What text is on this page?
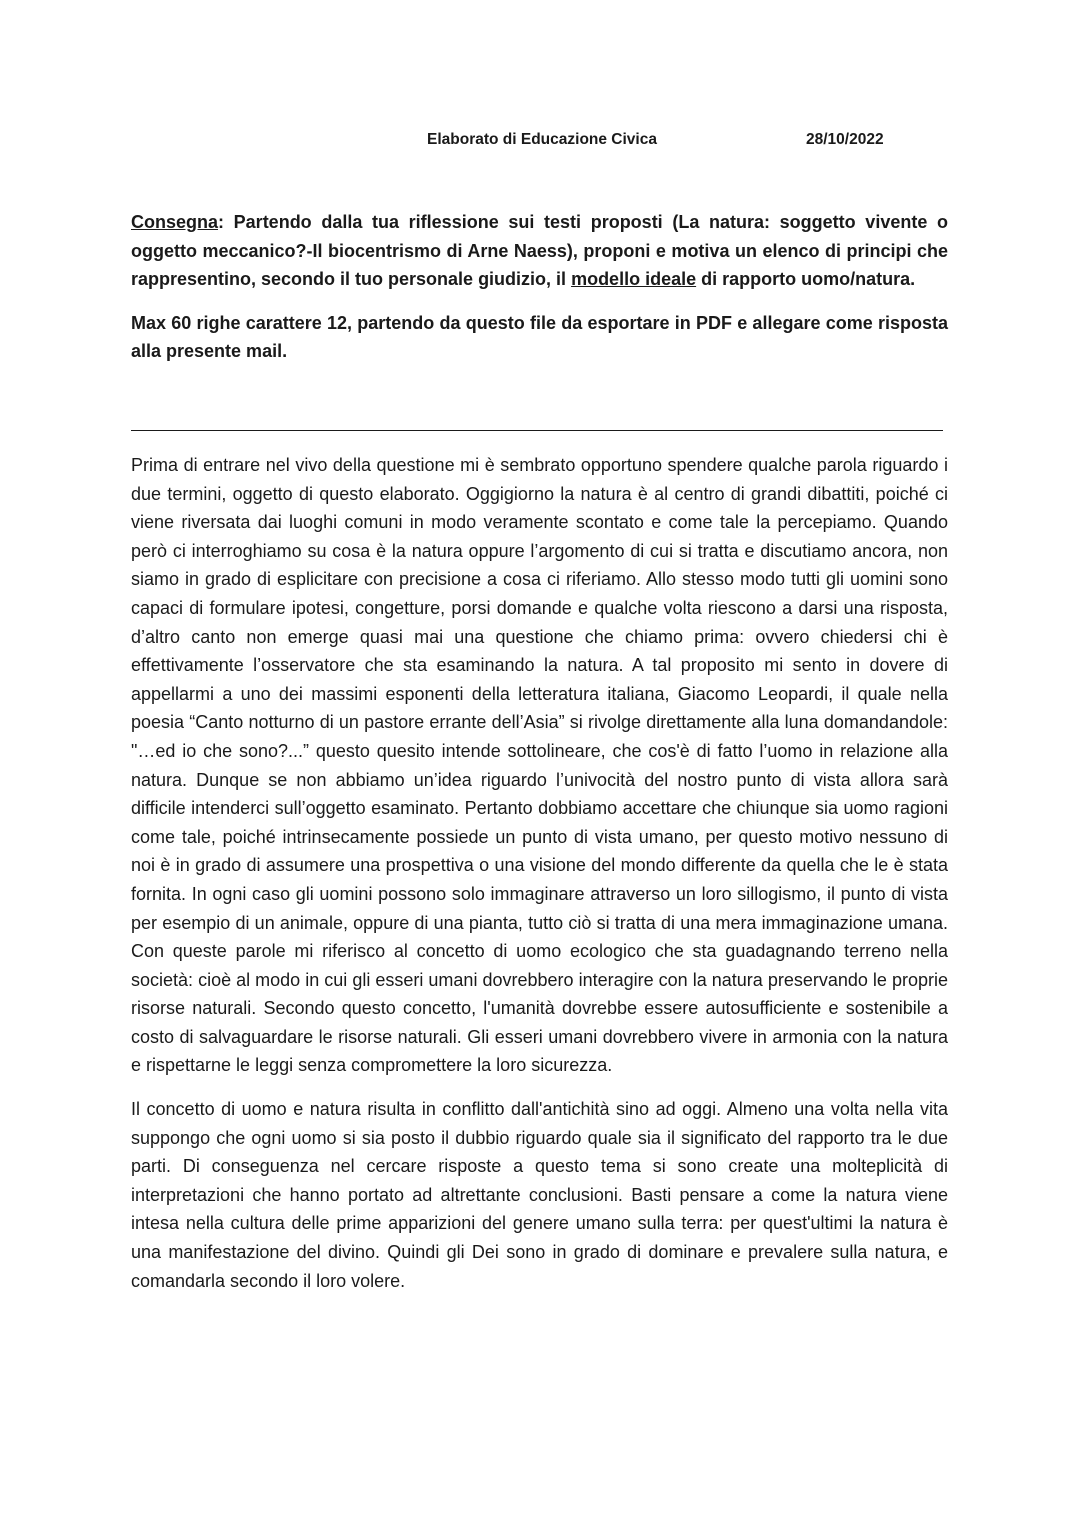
Elaborato di Educazione Civica	28/10/2022

Consegna: Partendo dalla tua riflessione sui testi proposti (La natura: soggetto vivente o oggetto meccanico?-Il biocentrismo di Arne Naess), proponi e motiva un elenco di principi che rappresentino, secondo il tuo personale giudizio, il modello ideale di rapporto uomo/natura.

Max 60 righe carattere 12, partendo da questo file da esportare in PDF e allegare come risposta alla presente mail.

Prima di entrare nel vivo della questione mi è sembrato opportuno spendere qualche parola riguardo i due termini, oggetto di questo elaborato. Oggigiorno la natura è al centro di grandi dibattiti, poiché ci viene riversata dai luoghi comuni in modo veramente scontato e come tale la percepiamo. Quando però ci interroghiamo su cosa è la natura oppure l’argomento di cui si tratta e discutiamo ancora, non siamo in grado di esplicitare con precisione a cosa ci riferiamo. Allo stesso modo tutti gli uomini sono capaci di formulare ipotesi, congetture, porsi domande e qualche volta riescono a darsi una risposta, d’altro canto non emerge quasi mai una questione che chiamo prima: ovvero chiedersi chi è effettivamente l’osservatore che sta esaminando la natura. A tal proposito mi sento in dovere di appellarmi a uno dei massimi esponenti della letteratura italiana, Giacomo Leopardi, il quale nella poesia “Canto notturno di un pastore errante dell’Asia” si rivolge direttamente alla luna domandandole: "…ed io che sono?...” questo quesito intende sottolineare, che cos'è di fatto l’uomo in relazione alla natura. Dunque se non abbiamo un’idea riguardo l’univocità del nostro punto di vista allora sarà difficile intenderci sull’oggetto esaminato. Pertanto dobbiamo accettare che chiunque sia uomo ragioni come tale, poiché intrinsecamente possiede un punto di vista umano, per questo motivo nessuno di noi è in grado di assumere una prospettiva o una visione del mondo differente da quella che le è stata fornita. In ogni caso gli uomini possono solo immaginare attraverso un loro sillogismo, il punto di vista per esempio di un animale, oppure di una pianta, tutto ciò si tratta di una mera immaginazione umana. Con queste parole mi riferisco al concetto di uomo ecologico che sta guadagnando terreno nella società: cioè al modo in cui gli esseri umani dovrebbero interagire con la natura preservando le proprie risorse naturali. Secondo questo concetto, l'umanità dovrebbe essere autosufficiente e sostenibile a costo di salvaguardare le risorse naturali. Gli esseri umani dovrebbero vivere in armonia con la natura e rispettarne le leggi senza compromettere la loro sicurezza.

Il concetto di uomo e natura risulta in conflitto dall'antichità sino ad oggi. Almeno una volta nella vita suppongo che ogni uomo si sia posto il dubbio riguardo quale sia il significato del rapporto tra le due parti. Di conseguenza nel cercare risposte a questo tema si sono create una molteplicità di interpretazioni che hanno portato ad altrettante conclusioni. Basti pensare a come la natura viene intesa nella cultura delle prime apparizioni del genere umano sulla terra: per quest'ultimi la natura è una manifestazione del divino. Quindi gli Dei sono in grado di dominare e prevalere sulla natura, e comandarla secondo il loro volere.
